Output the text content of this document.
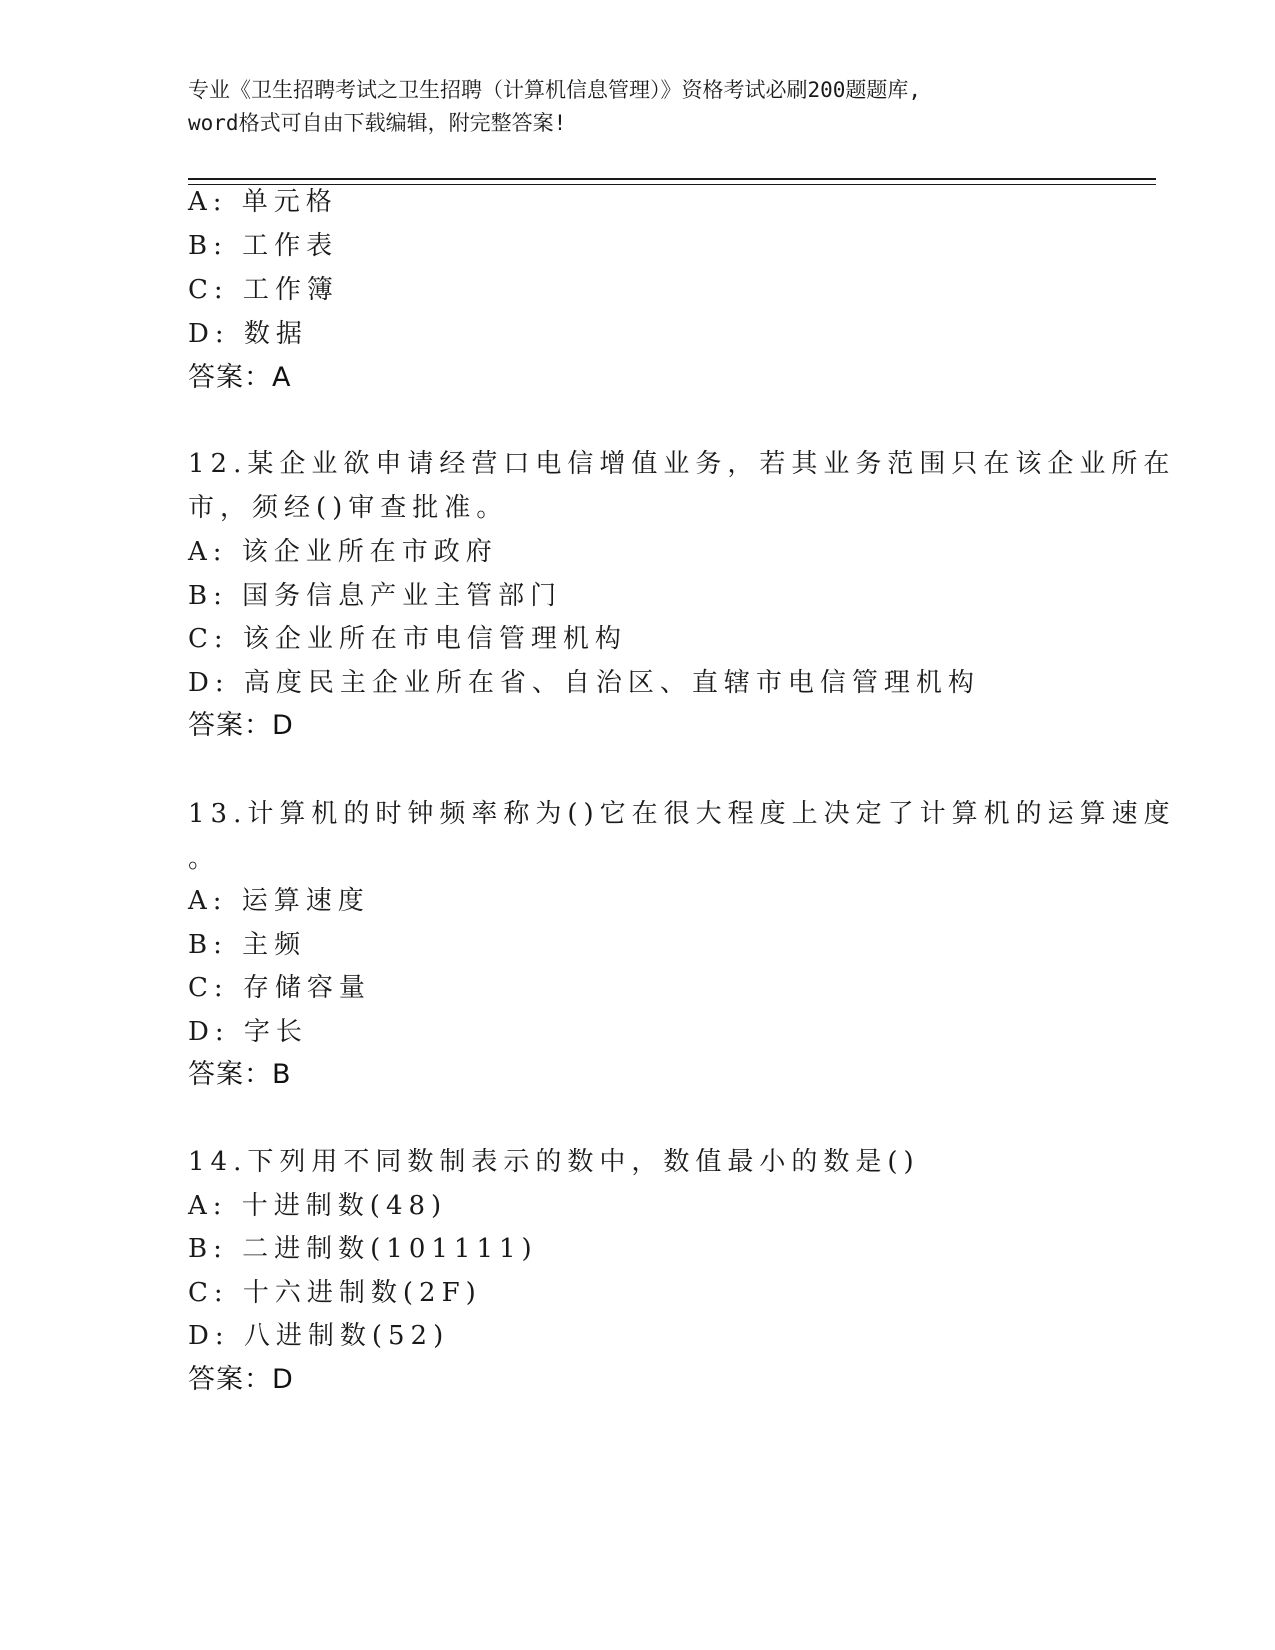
专业《卫生招聘考试之卫生招聘（计算机信息管理）》资格考试必刷200题题库,
word格式可自由下载编辑，附完整答案!
A: 单元格
B: 工作表
C: 工作簿
D: 数据
答案：A
12.某企业欲申请经营口电信增值业务，若其业务范围只在该企业所在
市，须经()审查批准。
A: 该企业所在市政府
B: 国务信息产业主管部门
C: 该企业所在市电信管理机构
D: 高度民主企业所在省、自治区、直辖市电信管理机构
答案：D
13.计算机的时钟频率称为()它在很大程度上决定了计算机的运算速度
。
A: 运算速度
B: 主频
C: 存储容量
D: 字长
答案：B
14.下列用不同数制表示的数中，数值最小的数是()
A: 十进制数(48)
B: 二进制数(101111)
C: 十六进制数(2F)
D: 八进制数(52)
答案：D
